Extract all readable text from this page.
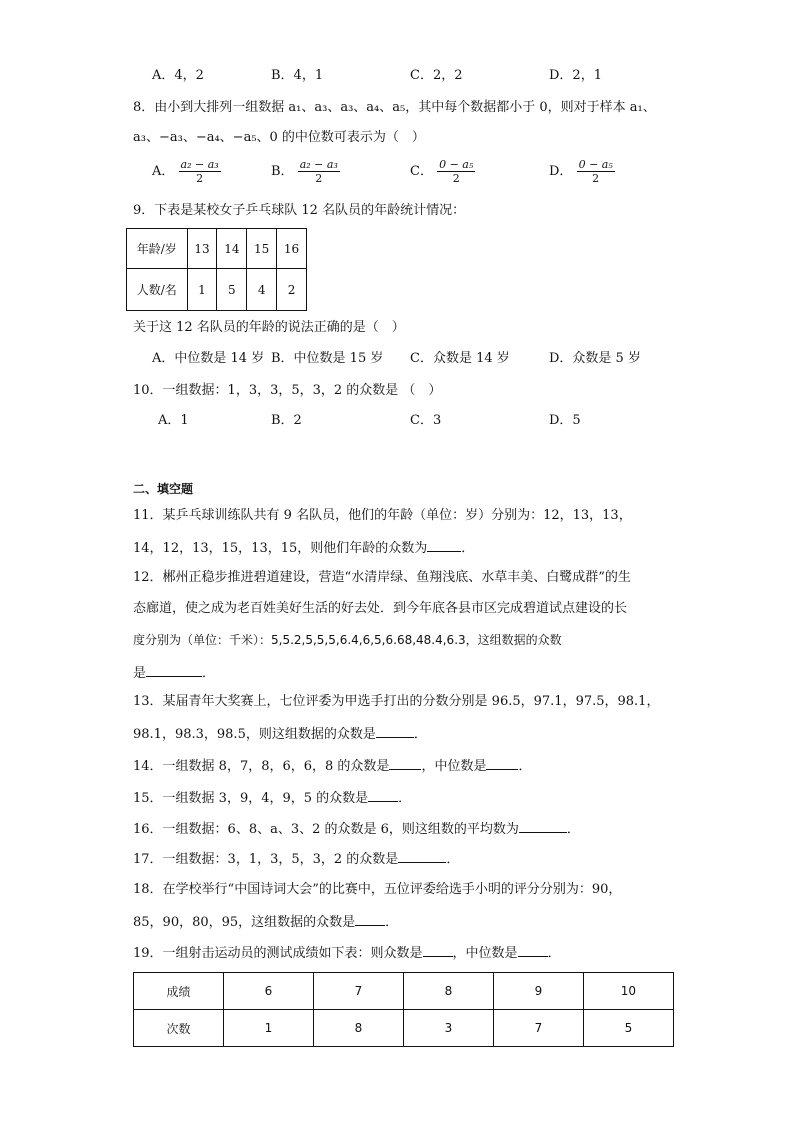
A．4，2	B．4，1	C．2，2	D．2，1
8．由小到大排列一组数据 a₁、a₃、a₃、a₄、a₅，其中每个数据都小于 0，则对于样本 a₁、
a₃、−a₃、−a₄、−a₅、0 的中位数可表示为（　）
A． $\frac{\text{a₂ − a₃}}{2}$	B． $\frac{\text{a₂ − a₃}}{2}$	C． $\frac{\text{0 − a₅}}{2}$	D． $\frac{\text{0 − a₅}}{2}$
9．下表是某校女子乒乓球队 12 名队员的年龄统计情况：
年龄/岁	13	14	15	16
人数/名	1	5	4	2
关于这 12 名队员的年龄的说法正确的是（　）
A．中位数是 14 岁 B．中位数是 15 岁 C．众数是 14 岁	D．众数是 5 岁
10．一组数据：1，3，3，5，3，2 的众数是 （　）
A．1	B．2	C．3	D．5
二、填空题
11．某乒乓球训练队共有 9 名队员，他们的年龄（单位：岁）分别为：12，13，13，
14，12，13，15，13，15，则他们年龄的众数为	．
12．郴州正稳步推进碧道建设，营造“水清岸绿、鱼翔浅底、水草丰美、白鹭成群”的生
态廊道，使之成为老百姓美好生活的好去处．到今年底各县市区完成碧道试点建设的长
度分别为（单位：千米）：5,5.2,5,5,5,6.4,6,5,6.68,48.4,6.3，这组数据的众数
是	．
13．某届青年大奖赛上，七位评委为甲选手打出的分数分别是 96.5，97.1，97.5，98.1，
98.1，98.3，98.5，则这组数据的众数是	．
14．一组数据 8，7，8，6，6，8 的众数是 ，中位数是 ．
15．一组数据 3，9，4，9，5 的众数是 ．
16．一组数据：6、8、a、3、2 的众数是 6，则这组数的平均数为	．
17．一组数据：3，1，3，5，3，2 的众数是	．
18．在学校举行“中国诗词大会”的比赛中，五位评委给选手小明的评分分别为：90，
85，90，80，95，这组数据的众数是 ．
19．一组射击运动员的测试成绩如下表：则众数是 ，中位数是 ．
成绩	6	7	8	9	10
次数	1	8	3	7	5
